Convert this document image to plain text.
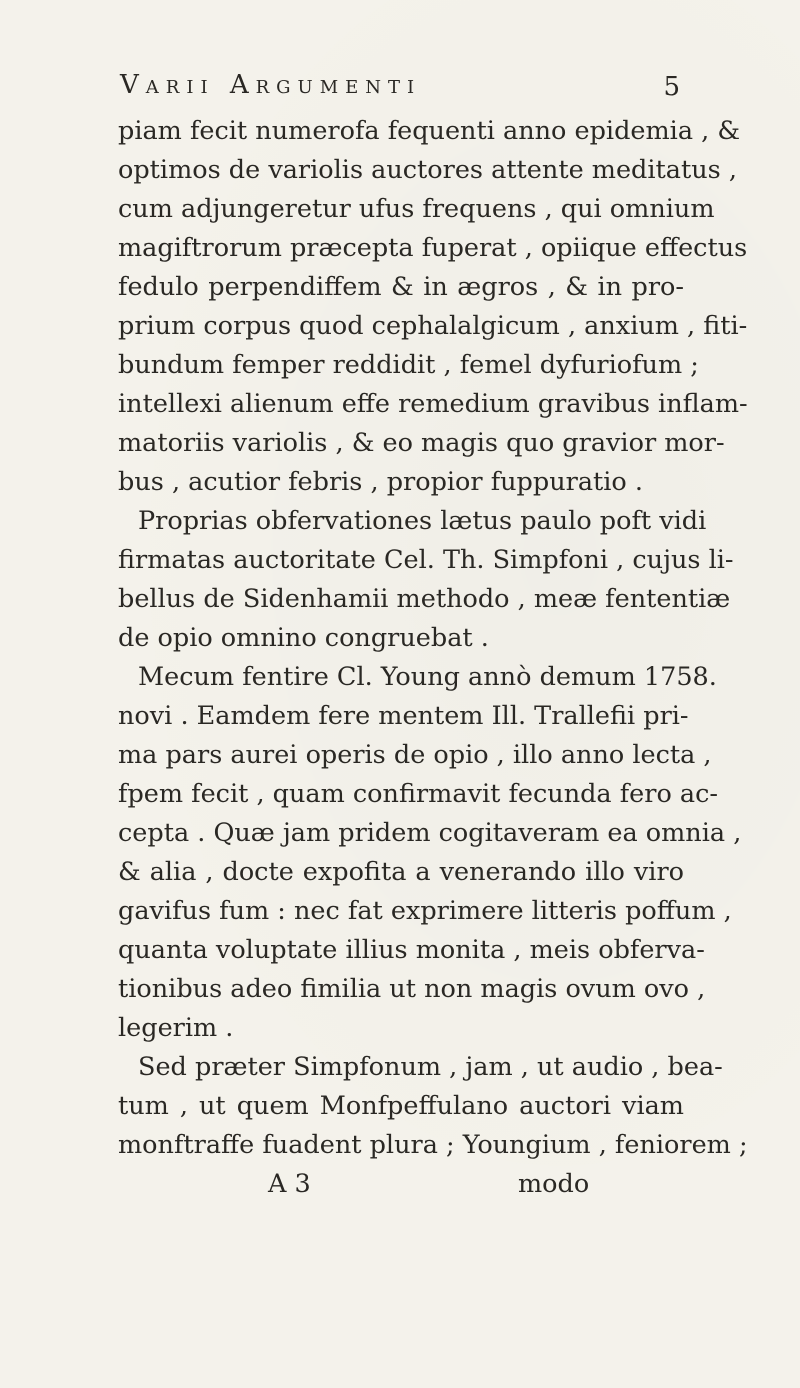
Varii Argumenti	5
piam fecit numerofa fequenti anno epidemia , &
optimos de variolis auctores attente meditatus ,
cum adjungeretur ufus frequens , qui omnium
magiftrorum præcepta fuperat , opiique effectus
fedulo perpendiffem & in ægros , & in pro-
prium corpus quod cephalalgicum , anxium , fiti-
bundum femper reddidit , femel dyfuriofum ;
intellexi alienum effe remedium gravibus inflam-
matoriis variolis , & eo magis quo gravior mor-
bus , acutior febris , propior fuppuratio .
Proprias obfervationes lætus paulo poft vidi
firmatas auctoritate Cel. Th. Simpfoni , cujus li-
bellus de Sidenhamii methodo , meæ fententiæ
de opio omnino congruebat .
Mecum fentire Cl. Young annò demum 1758.
novi . Eamdem fere mentem Ill. Trallefii pri-
ma pars aurei operis de opio , illo anno lecta ,
fpem fecit , quam confirmavit fecunda fero ac-
cepta . Quæ jam pridem cogitaveram ea omnia ,
& alia , docte expofita a venerando illo viro
gavifus fum : nec fat exprimere litteris poffum ,
quanta voluptate illius monita , meis obferva-
tionibus adeo fimilia ut non magis ovum ovo ,
legerim .
Sed præter Simpfonum , jam , ut audio , bea-
tum , ut quem Monfpeffulano auctori viam
monftraffe fuadent plura ; Youngium , feniorem ;
A 3	modo
